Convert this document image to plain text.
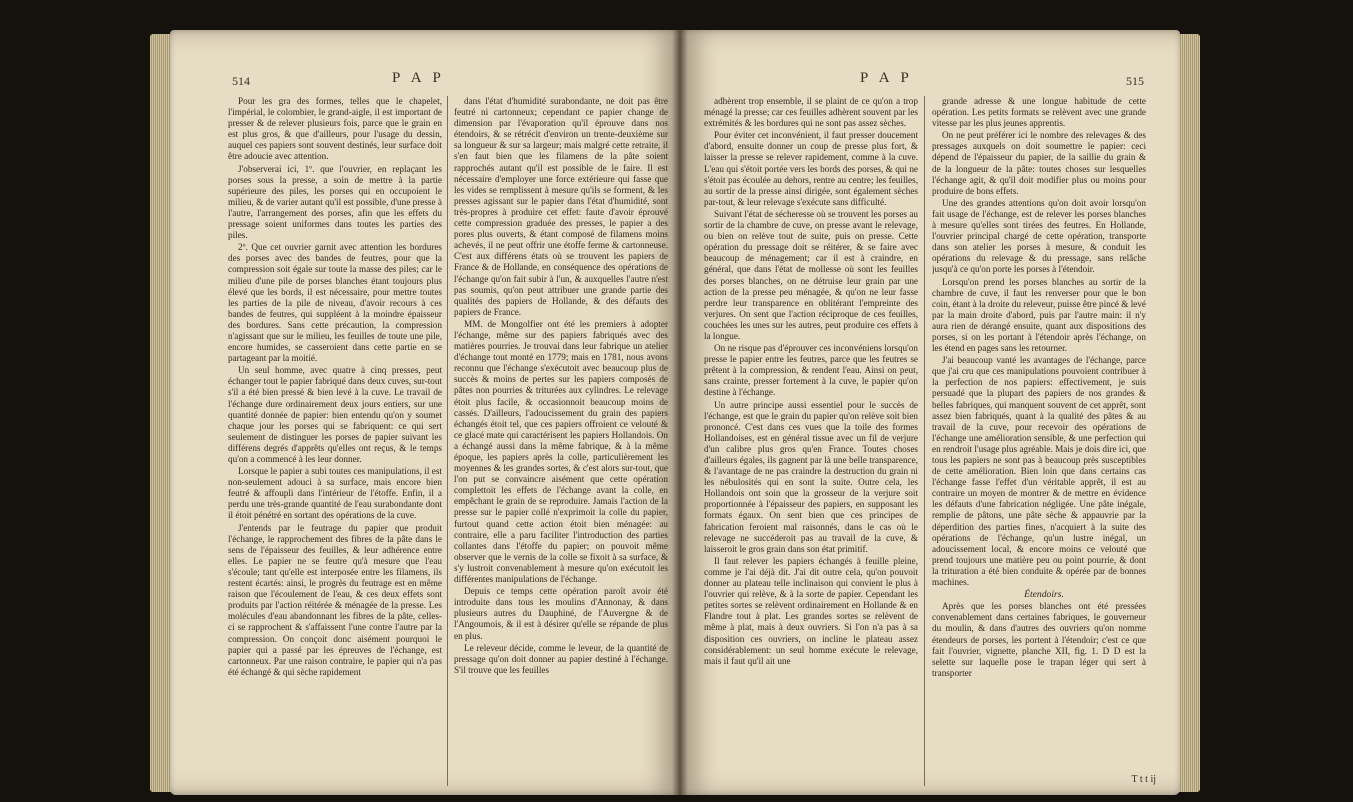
514	P A P

Pour les gra des formes, telles que le chapelet, l'impérial, le colombier, le grand-aigle, il est important de presser & de relever plusieurs fois, parce que le grain en est plus gros, & que d'ailleurs, pour l'usage du dessin, auquel ces papiers sont souvent destinés, leur surface doit être adoucie avec attention.

J'observerai ici, 1º. que l'ouvrier, en replaçant les porses sous la presse, a soin de mettre à la partie supérieure des piles, les porses qui en occupoient le milieu, & de varier autant qu'il est possible, d'une presse à l'autre, l'arrangement des porses, afin que les effets du pressage soient uniformes dans toutes les parties des piles.

2º. Que cet ouvrier garnit avec attention les bordures des porses avec des bandes de feutres, pour que la compression soit égale sur toute la masse des piles; car le milieu d'une pile de porses blanches étant toujours plus élevé que les bords, il est nécessaire, pour mettre toutes les parties de la pile de niveau, d'avoir recours à ces bandes de feutres, qui suppléent à la moindre épaisseur des bordures. Sans cette précaution, la compression n'agissant que sur le milieu, les feuilles de toute une pile, encore humides, se casseroient dans cette partie en se partageant par la moitié.

Un seul homme, avec quatre à cinq presses, peut échanger tout le papier fabriqué dans deux cuves, sur-tout s'il a été bien pressé & bien levé à la cuve. Le travail de l'échange dure ordinairement deux jours entiers, sur une quantité donnée de papier: bien entendu qu'on y soumet chaque jour les porses qui se fabriquent: ce qui sert seulement de distinguer les porses de papier suivant les différens degrés d'apprêts qu'elles ont reçus, & le temps qu'on a commencé à les leur donner.

Lorsque le papier a subi toutes ces manipulations, il est non-seulement adouci à sa surface, mais encore bien feutré & affoupli dans l'intérieur de l'étoffe. Enfin, il a perdu une très-grande quantité de l'eau surabondante dont il étoit pénétré en sortant des opérations de la cuve.

J'entends par le feutrage du papier que produit l'échange, le rapprochement des fibres de la pâte dans le sens de l'épaisseur des feuilles, & leur adhérence entre elles. Le papier ne se feutre qu'à mesure que l'eau s'écoule; tant qu'elle est interposée entre les filamens, ils restent écartés: ainsi, le progrès du feutrage est en même raison que l'écoulement de l'eau, & ces deux effets sont produits par l'action réitérée & ménagée de la presse. Les molécules d'eau abandonnant les fibres de la pâte, celles-ci se rapprochent & s'affaissent l'une contre l'autre par la compression. On conçoit donc aisément pourquoi le papier qui a passé par les épreuves de l'échange, est cartonneux. Par une raison contraire, le papier qui n'a pas été échangé & qui sèche rapidement

dans l'état d'humidité surabondante, ne doit pas être feutré ni cartonneux; cependant ce papier change de dimension par l'évaporation qu'il éprouve dans nos étendoirs, & se rétrécit d'environ un trente-deuxième sur sa longueur & sur sa largeur; mais malgré cette retraite, il s'en faut bien que les filamens de la pâte soient rapprochés autant qu'il est possible de le faire. Il est nécessaire d'employer une force extérieure qui fasse que les vides se remplissent à mesure qu'ils se forment, & les presses agissant sur le papier dans l'état d'humidité, sont très-propres à produire cet effet: faute d'avoir éprouvé cette compression graduée des presses, le papier a des pores plus ouverts, & étant composé de filamens moins achevés, il ne peut offrir une étoffe ferme & cartonneuse. C'est aux différens états où se trouvent les papiers de France & de Hollande, en conséquence des opérations de l'échange qu'on fait subir à l'un, & auxquelles l'autre n'est pas soumis, qu'on peut attribuer une grande partie des qualités des papiers de Hollande, & des défauts des papiers de France.

MM. de Mongolfier ont été les premiers à adopter l'échange, même sur des papiers fabriqués avec des matières pourries. Je trouvai dans leur fabrique un atelier d'échange tout monté en 1779; mais en 1781, nous avons reconnu que l'échange s'exécutoit avec beaucoup plus de succès & moins de pertes sur les papiers composés de pâtes non pourries & triturées aux cylindres. Le relevage étoit plus facile, & occasionnoit beaucoup moins de cassés. D'ailleurs, l'adoucissement du grain des papiers échangés étoit tel, que ces papiers offroient ce velouté & ce glacé mate qui caractérisent les papiers Hollandois. On a échangé aussi dans la même fabrique, & à la même époque, les papiers après la colle, particulièrement les moyennes & les grandes sortes, & c'est alors sur-tout, que l'on put se convaincre aisément que cette opération complettoit les effets de l'échange avant la colle, en empêchant le grain de se reproduire. Jamais l'action de la presse sur le papier collé n'exprimoit la colle du papier, furtout quand cette action étoit bien ménagée: au contraire, elle a paru faciliter l'introduction des parties collantes dans l'étoffe du papier; on pouvoit même observer que le vernis de la colle se fixoit à sa surface, & s'y lustroit convenablement à mesure qu'on exécutoit les différentes manipulations de l'échange.

Depuis ce temps cette opération paroît avoir été introduite dans tous les moulins d'Annonay, & dans plusieurs autres du Dauphiné, de l'Auvergne & de l'Angoumois, & il est à désirer qu'elle se répande de plus en plus.

Le releveur décide, comme le leveur, de la quantité de pressage qu'on doit donner au papier destiné à l'échange. S'il trouve que les feuilles

P A P	515

adhèrent trop ensemble, il se plaint de ce qu'on a trop ménagé la presse; car ces feuilles adhèrent souvent par les extrémités & les bordures qui ne sont pas assez sèches.

Pour éviter cet inconvénient, il faut presser doucement d'abord, ensuite donner un coup de presse plus fort, & laisser la presse se relever rapidement, comme à la cuve. L'eau qui s'étoit portée vers les bords des porses, & qui ne s'étoit pas écoulée au dehors, rentre au centre; les feuilles, au sortir de la presse ainsi dirigée, sont également sèches par-tout, & leur relevage s'exécute sans difficulté.

Suivant l'état de sécheresse où se trouvent les porses au sortir de la chambre de cuve, on presse avant le relevage, ou bien on relève tout de suite, puis on presse. Cette opération du pressage doit se réitérer, & se faire avec beaucoup de ménagement; car il est à craindre, en général, que dans l'état de mollesse où sont les feuilles des porses blanches, on ne détruise leur grain par une action de la presse peu ménagée, & qu'on ne leur fasse perdre leur transparence en oblitérant l'empreinte des verjures. On sent que l'action réciproque de ces feuilles, couchées les unes sur les autres, peut produire ces effets à la longue.

On ne risque pas d'éprouver ces inconvéniens lorsqu'on presse le papier entre les feutres, parce que les feutres se prêtent à la compression, & rendent l'eau. Ainsi on peut, sans crainte, presser fortement à la cuve, le papier qu'on destine à l'échange.

Un autre principe aussi essentiel pour le succès de l'échange, est que le grain du papier qu'on relève soit bien prononcé. C'est dans ces vues que la toile des formes Hollandoises, est en général tissue avec un fil de verjure d'un calibre plus gros qu'en France. Toutes choses d'ailleurs égales, ils gagnent par là une belle transparence, & l'avantage de ne pas craindre la destruction du grain ni les nébulosités qui en sont la suite. Outre cela, les Hollandois ont soin que la grosseur de la verjure soit proportionnée à l'épaisseur des papiers, en supposant les formats égaux. On sent bien que ces principes de fabrication feroient mal raisonnés, dans le cas où le relevage ne succéderoit pas au travail de la cuve, & laisseroit le gros grain dans son état primitif.

Il faut relever les papiers échangés à feuille pleine, comme je l'ai déjà dit. J'ai dit outre cela, qu'on pouvoit donner au plateau telle inclinaison qui convient le plus à l'ouvrier qui relève, & à la sorte de papier. Cependant les petites sortes se relèvent ordinairement en Hollande & en Flandre tout à plat. Les grandes sortes se relèvent de même à plat, mais à deux ouvriers. Si l'on n'a pas à sa disposition ces ouvriers, on incline le plateau assez considérablement: un seul homme exécute le relevage, mais il faut qu'il ait une

grande adresse & une longue habitude de cette opération. Les petits formats se relèvent avec une grande vitesse par les plus jeunes apprentis.

On ne peut préférer ici le nombre des relevages & des pressages auxquels on doit soumettre le papier: ceci dépend de l'épaisseur du papier, de la saillie du grain & de la longueur de la pâte: toutes choses sur lesquelles l'échange agit, & qu'il doit modifier plus ou moins pour produire de bons effets.

Une des grandes attentions qu'on doit avoir lorsqu'on fait usage de l'échange, est de relever les porses blanches à mesure qu'elles sont tirées des feutres. En Hollande, l'ouvrier principal chargé de cette opération, transporte dans son atelier les porses à mesure, & conduit les opérations du relevage & du pressage, sans relâche jusqu'à ce qu'on porte les porses à l'étendoir.

Lorsqu'on prend les porses blanches au sortir de la chambre de cuve, il faut les renverser pour que le bon coin, étant à la droite du releveur, puisse être pincé & levé par la main droite d'abord, puis par l'autre main: il n'y aura rien de dérangé ensuite, quant aux dispositions des porses, si on les portant à l'étendoir après l'échange, on les étend en pages sans les retourner.

J'ai beaucoup vanté les avantages de l'échange, parce que j'ai cru que ces manipulations pouvoient contribuer à la perfection de nos papiers: effectivement, je suis persuadé que la plupart des papiers de nos grandes & belles fabriques, qui manquent souvent de cet apprêt, sont assez bien fabriqués, quant à la qualité des pâtes & au travail de la cuve, pour recevoir des opérations de l'échange une amélioration sensible, & une perfection qui en rendroit l'usage plus agréable. Mais je dois dire ici, que tous les papiers ne sont pas à beaucoup près susceptibles de cette amélioration. Bien loin que dans certains cas l'échange fasse l'effet d'un véritable apprêt, il est au contraire un moyen de montrer & de mettre en évidence les défauts d'une fabrication négligée. Une pâte inégale, remplie de pâtons, une pâte sèche & appauvrie par la déperdition des parties fines, n'acquiert à la suite des opérations de l'échange, qu'un lustre inégal, un adoucissement local, & encore moins ce velouté que prend toujours une matière peu ou point pourrie, & dont la trituration a été bien conduite & opérée par de bonnes machines.

Étendoirs.

Après que les porses blanches ont été pressées convenablement dans certaines fabriques, le gouverneur du moulin, & dans d'autres des ouvriers qu'on nomme étendeurs de porses, les portent à l'étendoir; c'est ce que fait l'ouvrier, vignette, planche XII, fig. 1. D D est la selette sur laquelle pose le trapan léger qui sert à transporter

T t t ij
